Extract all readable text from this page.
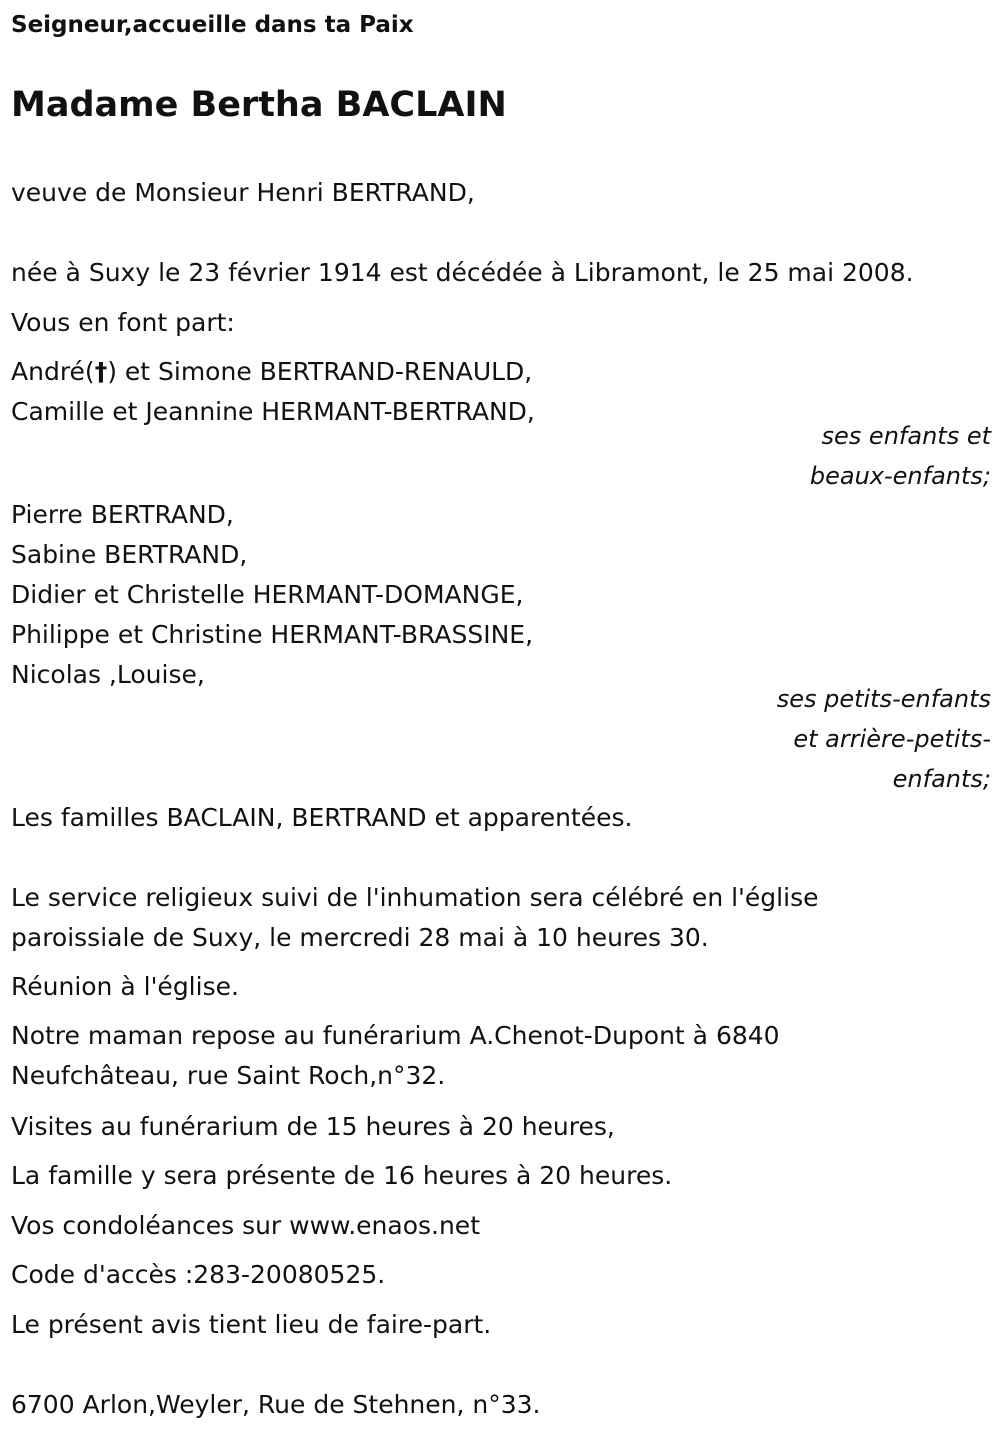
Seigneur,accueille dans ta Paix
Madame Bertha BACLAIN
veuve de Monsieur Henri BERTRAND,
née à Suxy le 23 février 1914 est décédée à Libramont, le 25 mai 2008.
Vous en font part:
André(†) et Simone BERTRAND-RENAULD,
Camille et Jeannine HERMANT-BERTRAND,
ses enfants et
beaux-enfants;
Pierre BERTRAND,
Sabine BERTRAND,
Didier et Christelle HERMANT-DOMANGE,
Philippe et Christine HERMANT-BRASSINE,
Nicolas ,Louise,
ses petits-enfants
et arrière-petits-
enfants;
Les familles BACLAIN, BERTRAND et apparentées.
Le service religieux suivi de l'inhumation sera célébré en l'église
paroissiale de Suxy, le mercredi 28 mai à 10 heures 30.
Réunion à l'église.
Notre maman repose au funérarium A.Chenot-Dupont à 6840
Neufchâteau, rue Saint Roch,n°32.
Visites au funérarium de 15 heures à 20 heures,
La famille y sera présente de 16 heures à 20 heures.
Vos condoléances sur www.enaos.net
Code d'accès :283-20080525.
Le présent avis tient lieu de faire-part.
6700 Arlon,Weyler, Rue de Stehnen, n°33.
